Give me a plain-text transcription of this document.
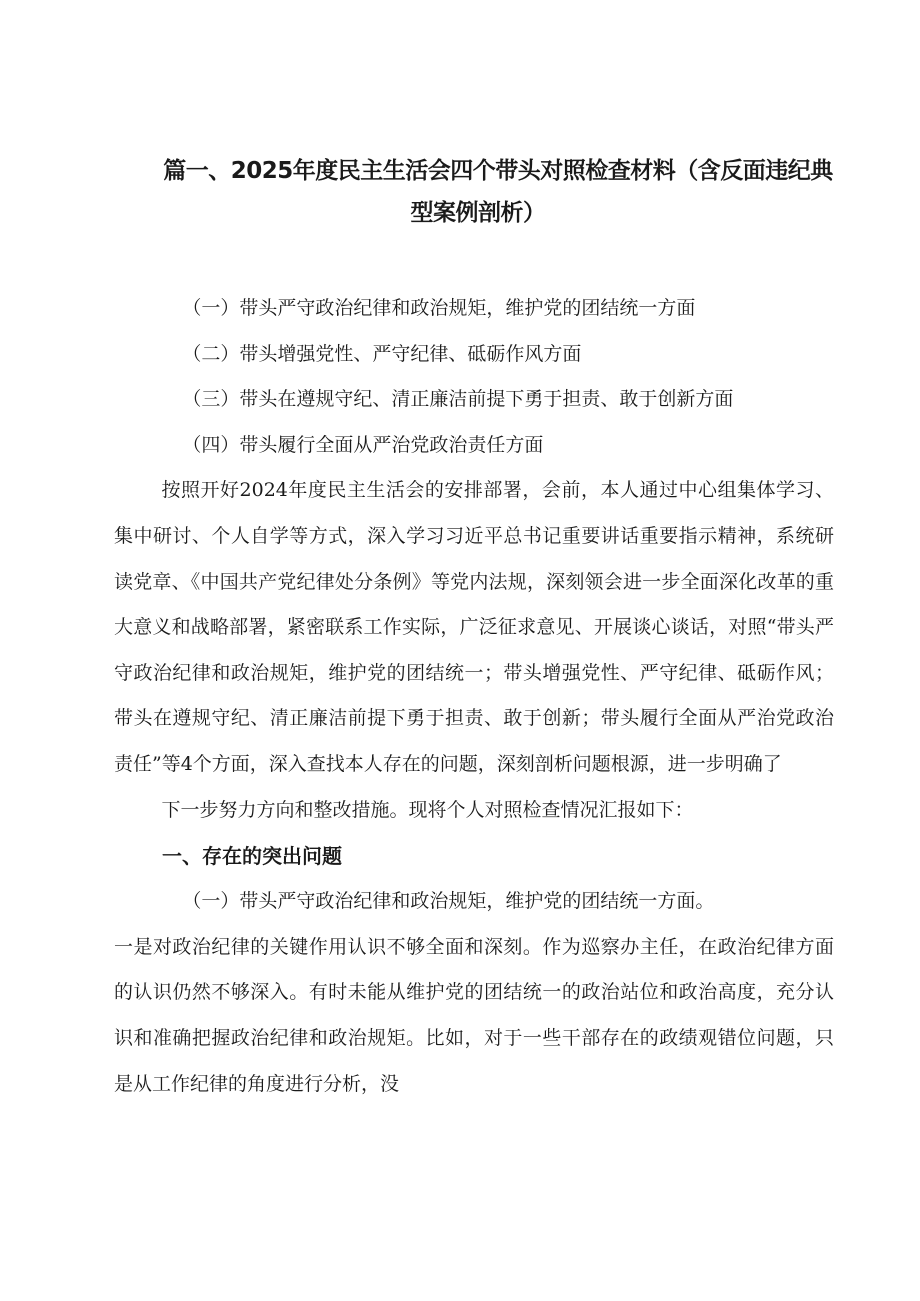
篇一、2025年度民主生活会四个带头对照检查材料（含反面违纪典
型案例剖析）

（一）带头严守政治纪律和政治规矩，维护党的团结统一方面

（二）带头增强党性、严守纪律、砥砺作风方面

（三）带头在遵规守纪、清正廉洁前提下勇于担责、敢于创新方面

（四）带头履行全面从严治党政治责任方面

按照开好2024年度民主生活会的安排部署，会前，本人通过中心组集体学习、集中研讨、个人自学等方式，深入学习习近平总书记重要讲话重要指示精神，系统研读党章、《中国共产党纪律处分条例》等党内法规，深刻领会进一步全面深化改革的重大意义和战略部署，紧密联系工作实际，广泛征求意见、开展谈心谈话，对照“带头严守政治纪律和政治规矩，维护党的团结统一；带头增强党性、严守纪律、砥砺作风；带头在遵规守纪、清正廉洁前提下勇于担责、敢于创新；带头履行全面从严治党政治责任”等4个方面，深入查找本人存在的问题，深刻剖析问题根源，进一步明确了

下一步努力方向和整改措施。现将个人对照检查情况汇报如下：

一、存在的突出问题

（一）带头严守政治纪律和政治规矩，维护党的团结统一方面。

一是对政治纪律的关键作用认识不够全面和深刻。作为巡察办主任，在政治纪律方面的认识仍然不够深入。有时未能从维护党的团结统一的政治站位和政治高度，充分认识和准确把握政治纪律和政治规矩。比如，对于一些干部存在的政绩观错位问题，只是从工作纪律的角度进行分析，没
